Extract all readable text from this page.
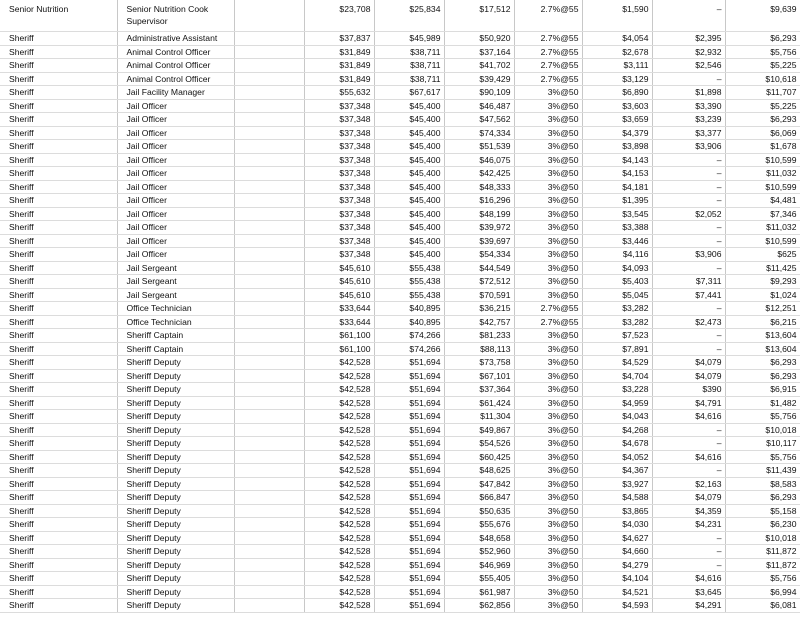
Senior Nutrition	Senior Nutrition Cook Supervisor		$23,708	$25,834	$17,512	2.7%@55	$1,590	–	$9,639
Sheriff	Administrative Assistant		$37,837	$45,989	$50,920	2.7%@55	$4,054	$2,395	$6,293
Sheriff	Animal Control Officer		$31,849	$38,711	$37,164	2.7%@55	$2,678	$2,932	$5,756
Sheriff	Animal Control Officer		$31,849	$38,711	$41,702	2.7%@55	$3,111	$2,546	$5,225
Sheriff	Animal Control Officer		$31,849	$38,711	$39,429	2.7%@55	$3,129	–	$10,618
Sheriff	Jail Facility Manager		$55,632	$67,617	$90,109	3%@50	$6,890	$1,898	$11,707
Sheriff	Jail Officer		$37,348	$45,400	$46,487	3%@50	$3,603	$3,390	$5,225
Sheriff	Jail Officer		$37,348	$45,400	$47,562	3%@50	$3,659	$3,239	$6,293
Sheriff	Jail Officer		$37,348	$45,400	$74,334	3%@50	$4,379	$3,377	$6,069
Sheriff	Jail Officer		$37,348	$45,400	$51,539	3%@50	$3,898	$3,906	$1,678
Sheriff	Jail Officer		$37,348	$45,400	$46,075	3%@50	$4,143	–	$10,599
Sheriff	Jail Officer		$37,348	$45,400	$42,425	3%@50	$4,153	–	$11,032
Sheriff	Jail Officer		$37,348	$45,400	$48,333	3%@50	$4,181	–	$10,599
Sheriff	Jail Officer		$37,348	$45,400	$16,296	3%@50	$1,395	–	$4,481
Sheriff	Jail Officer		$37,348	$45,400	$48,199	3%@50	$3,545	$2,052	$7,346
Sheriff	Jail Officer		$37,348	$45,400	$39,972	3%@50	$3,388	–	$11,032
Sheriff	Jail Officer		$37,348	$45,400	$39,697	3%@50	$3,446	–	$10,599
Sheriff	Jail Officer		$37,348	$45,400	$54,334	3%@50	$4,116	$3,906	$625
Sheriff	Jail Sergeant		$45,610	$55,438	$44,549	3%@50	$4,093	–	$11,425
Sheriff	Jail Sergeant		$45,610	$55,438	$72,512	3%@50	$5,403	$7,311	$9,293
Sheriff	Jail Sergeant		$45,610	$55,438	$70,591	3%@50	$5,045	$7,441	$1,024
Sheriff	Office Technician		$33,644	$40,895	$36,215	2.7%@55	$3,282	–	$12,251
Sheriff	Office Technician		$33,644	$40,895	$42,757	2.7%@55	$3,282	$2,473	$6,215
Sheriff	Sheriff Captain		$61,100	$74,266	$81,233	3%@50	$7,523	–	$13,604
Sheriff	Sheriff Captain		$61,100	$74,266	$88,113	3%@50	$7,891	–	$13,604
Sheriff	Sheriff Deputy		$42,528	$51,694	$73,758	3%@50	$4,529	$4,079	$6,293
Sheriff	Sheriff Deputy		$42,528	$51,694	$67,101	3%@50	$4,704	$4,079	$6,293
Sheriff	Sheriff Deputy		$42,528	$51,694	$37,364	3%@50	$3,228	$390	$6,915
Sheriff	Sheriff Deputy		$42,528	$51,694	$61,424	3%@50	$4,959	$4,791	$1,482
Sheriff	Sheriff Deputy		$42,528	$51,694	$11,304	3%@50	$4,043	$4,616	$5,756
Sheriff	Sheriff Deputy		$42,528	$51,694	$49,867	3%@50	$4,268	–	$10,018
Sheriff	Sheriff Deputy		$42,528	$51,694	$54,526	3%@50	$4,678	–	$10,117
Sheriff	Sheriff Deputy		$42,528	$51,694	$60,425	3%@50	$4,052	$4,616	$5,756
Sheriff	Sheriff Deputy		$42,528	$51,694	$48,625	3%@50	$4,367	–	$11,439
Sheriff	Sheriff Deputy		$42,528	$51,694	$47,842	3%@50	$3,927	$2,163	$8,583
Sheriff	Sheriff Deputy		$42,528	$51,694	$66,847	3%@50	$4,588	$4,079	$6,293
Sheriff	Sheriff Deputy		$42,528	$51,694	$50,635	3%@50	$3,865	$4,359	$5,158
Sheriff	Sheriff Deputy		$42,528	$51,694	$55,676	3%@50	$4,030	$4,231	$6,230
Sheriff	Sheriff Deputy		$42,528	$51,694	$48,658	3%@50	$4,627	–	$10,018
Sheriff	Sheriff Deputy		$42,528	$51,694	$52,960	3%@50	$4,660	–	$11,872
Sheriff	Sheriff Deputy		$42,528	$51,694	$46,969	3%@50	$4,279	–	$11,872
Sheriff	Sheriff Deputy		$42,528	$51,694	$55,405	3%@50	$4,104	$4,616	$5,756
Sheriff	Sheriff Deputy		$42,528	$51,694	$61,987	3%@50	$4,521	$3,645	$6,994
Sheriff	Sheriff Deputy		$42,528	$51,694	$62,856	3%@50	$4,593	$4,291	$6,081
